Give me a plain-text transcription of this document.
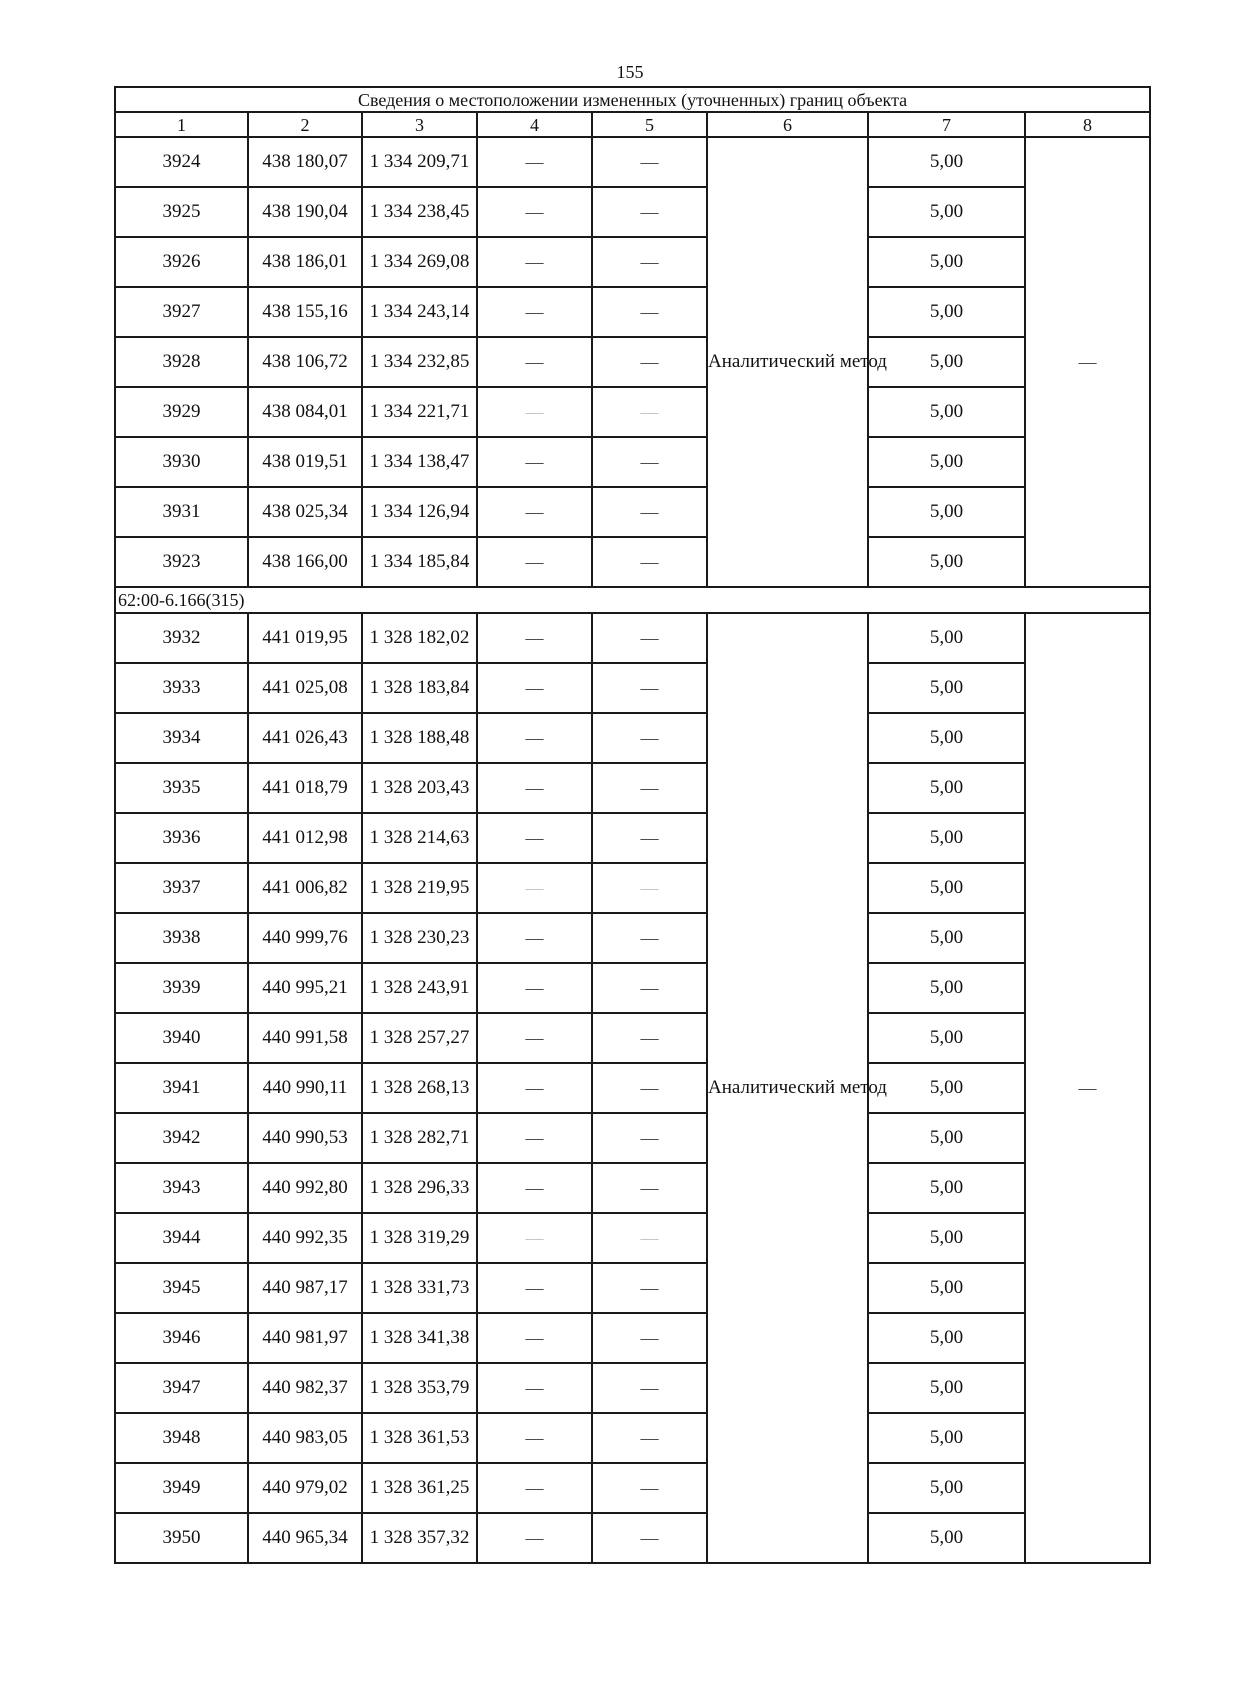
155
Сведения о местоположении измененных (уточненных) границ объекта							
1	2	3	4	5	6	7	8
3924	438 180,07	1 334 209,71	—	—	Аналитический метод	5,00	—
3925	438 190,04	1 334 238,45	—	—		5,00	
3926	438 186,01	1 334 269,08	—	—		5,00	
3927	438 155,16	1 334 243,14	—	—		5,00	
3928	438 106,72	1 334 232,85	—	—		5,00	
3929	438 084,01	1 334 221,71	—	—		5,00	
3930	438 019,51	1 334 138,47	—	—		5,00	
3931	438 025,34	1 334 126,94	—	—		5,00	
3923	438 166,00	1 334 185,84	—	—		5,00	
62:00-6.166(315)							
3932	441 019,95	1 328 182,02	—	—	Аналитический метод	5,00	—
3933	441 025,08	1 328 183,84	—	—		5,00	
3934	441 026,43	1 328 188,48	—	—		5,00	
3935	441 018,79	1 328 203,43	—	—		5,00	
3936	441 012,98	1 328 214,63	—	—		5,00	
3937	441 006,82	1 328 219,95	—	—		5,00	
3938	440 999,76	1 328 230,23	—	—		5,00	
3939	440 995,21	1 328 243,91	—	—		5,00	
3940	440 991,58	1 328 257,27	—	—		5,00	
3941	440 990,11	1 328 268,13	—	—		5,00	
3942	440 990,53	1 328 282,71	—	—		5,00	
3943	440 992,80	1 328 296,33	—	—		5,00	
3944	440 992,35	1 328 319,29	—	—		5,00	
3945	440 987,17	1 328 331,73	—	—		5,00	
3946	440 981,97	1 328 341,38	—	—		5,00	
3947	440 982,37	1 328 353,79	—	—		5,00	
3948	440 983,05	1 328 361,53	—	—		5,00	
3949	440 979,02	1 328 361,25	—	—		5,00	
3950	440 965,34	1 328 357,32	—	—		5,00	
